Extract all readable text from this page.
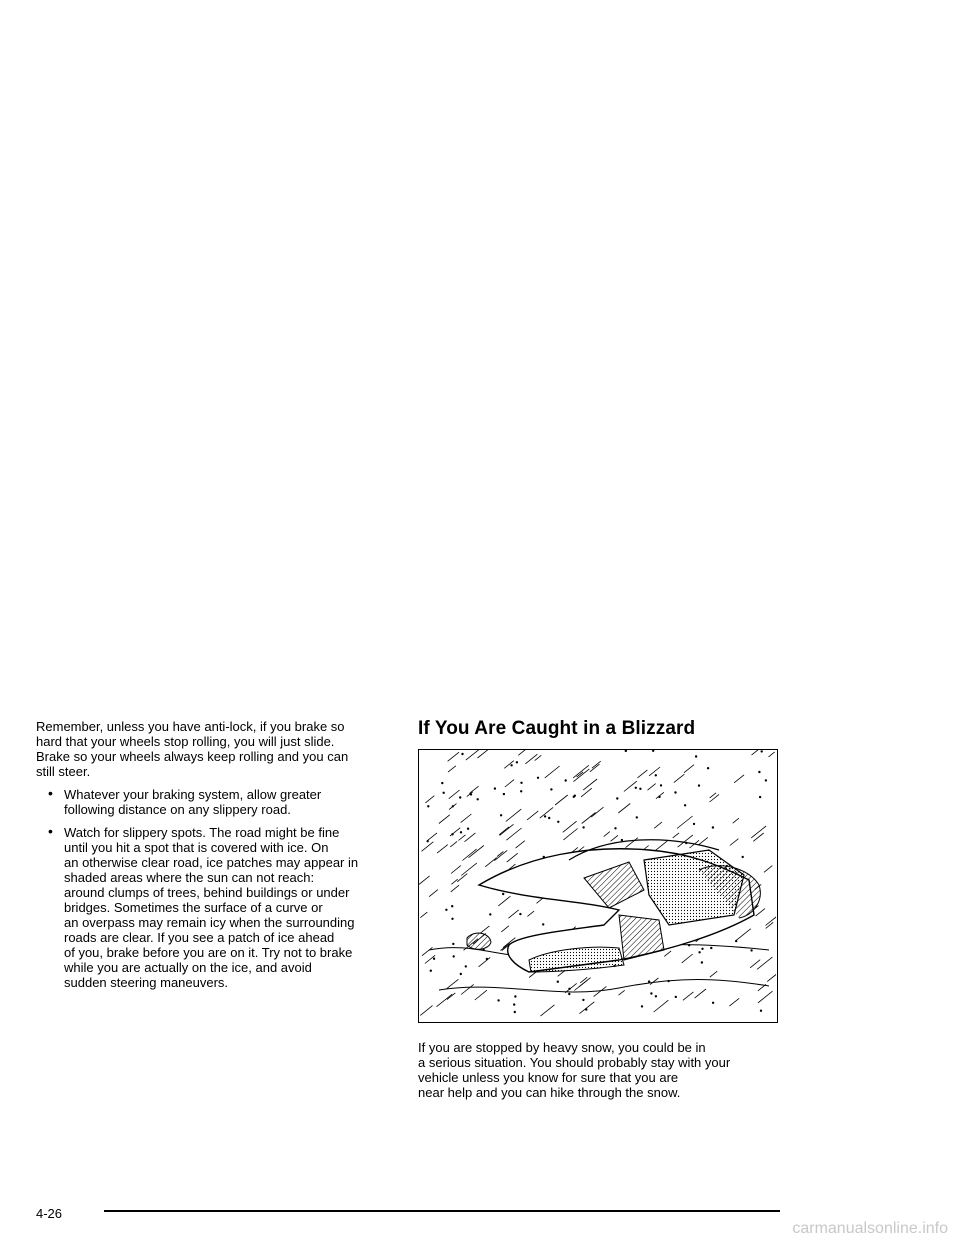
Remember, unless you have anti-lock, if you brake so
hard that your wheels stop rolling, you will just slide.
Brake so your wheels always keep rolling and you can
still steer.

• Whatever your braking system, allow greater
following distance on any slippery road.
• Watch for slippery spots. The road might be fine
until you hit a spot that is covered with ice. On
an otherwise clear road, ice patches may appear in
shaded areas where the sun can not reach:
around clumps of trees, behind buildings or under
bridges. Sometimes the surface of a curve or
an overpass may remain icy when the surrounding
roads are clear. If you see a patch of ice ahead
of you, brake before you are on it. Try not to brake
while you are actually on the ice, and avoid
sudden steering maneuvers.
If You Are Caught in a Blizzard
If you are stopped by heavy snow, you could be in
a serious situation. You should probably stay with your
vehicle unless you know for sure that you are
near help and you can hike through the snow.
4-26
carmanualsonline.info
